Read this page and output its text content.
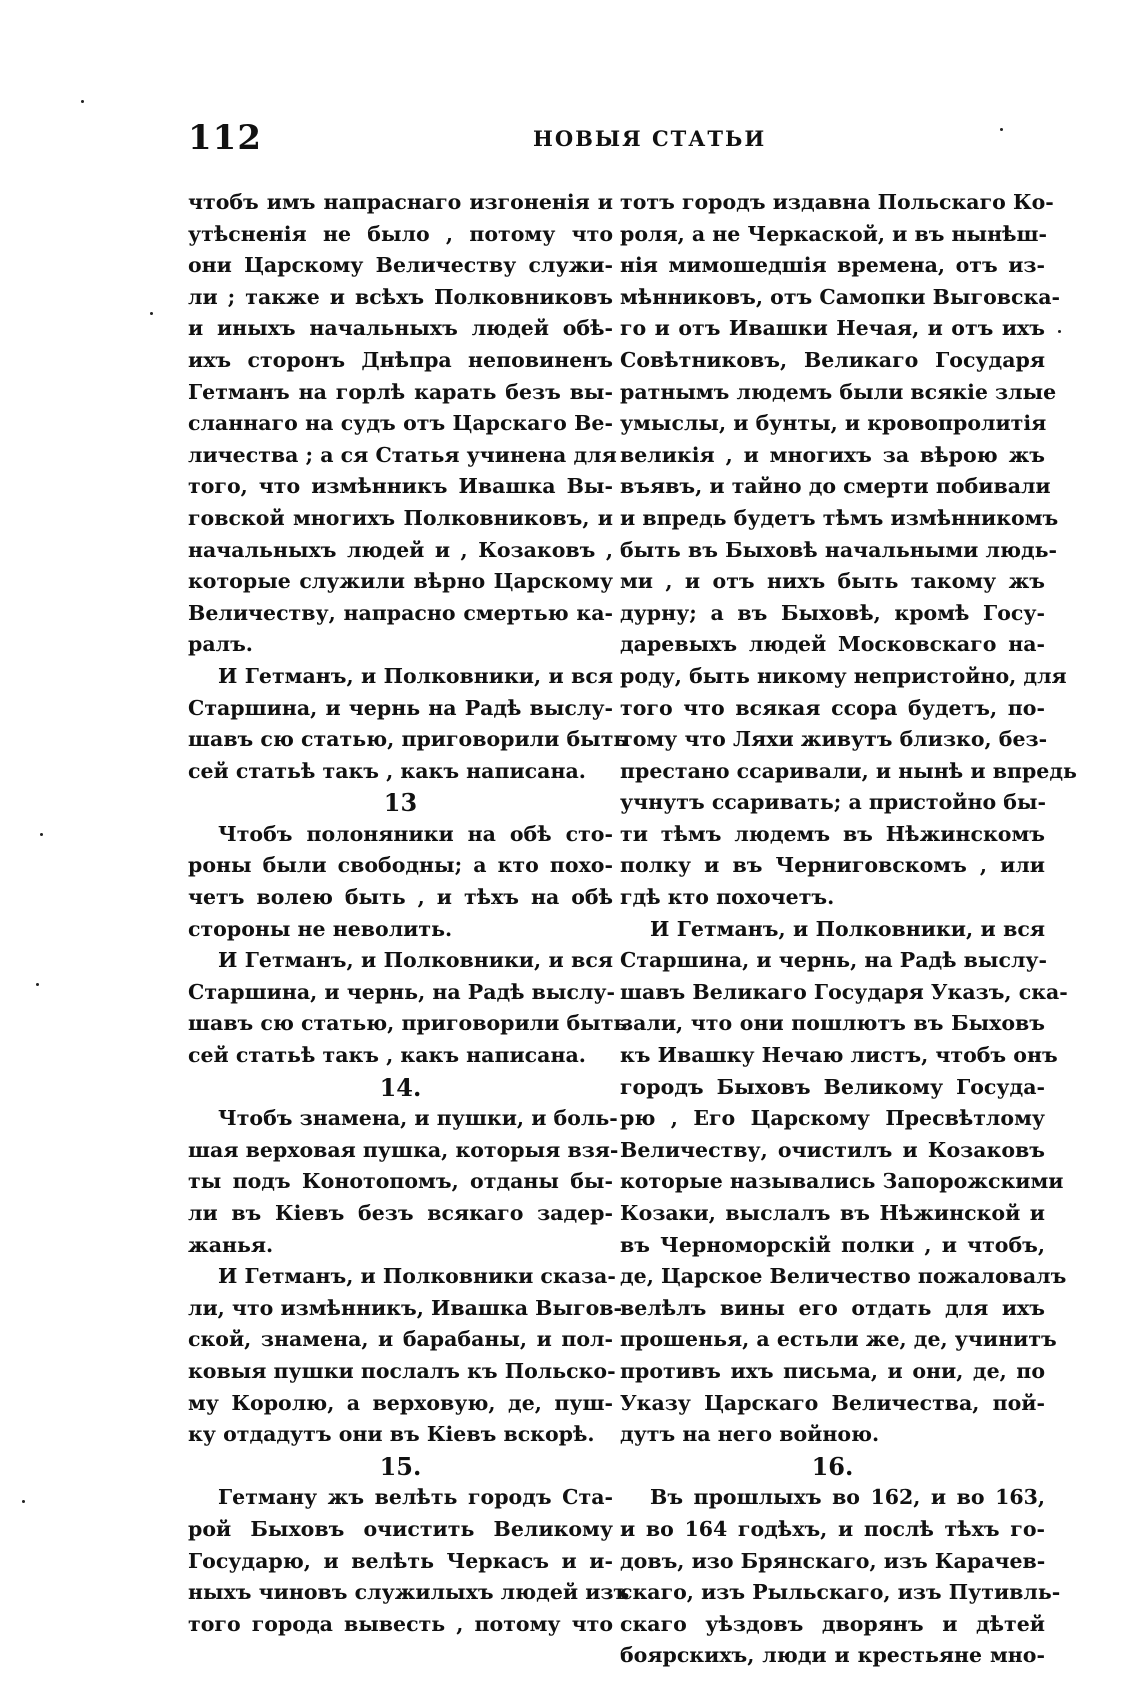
112	НОВЫЯ СТАТЬИ
чтобъ имъ напраснаго изгоненія и
утѣсненія не было , потому что
они Царскому Величеству служи-
ли ; также и всѣхъ Полковниковъ
и иныхъ начальныхъ людей обѣ-
ихъ сторонъ Днѣпра неповиненъ
Гетманъ на горлѣ карать безъ вы-
сланнаго на судъ отъ Царскаго Ве-
личества ; а ся Статья учинена для
того, что измѣнникъ Ивашка Вы-
говской многихъ Полковниковъ, и
начальныхъ людей и , Козаковъ ,
которые служили вѣрно Царскому
Величеству, напрасно смертью ка-
ралъ.
И Гетманъ, и Полковники, и вся
Старшина, и чернь на Радѣ выслу-
шавъ сю статью, приговорили быть
сей статьѣ такъ , какъ написана.
13
Чтобъ полоняники на обѣ сто-
роны были свободны; а кто похо-
четъ волею быть , и тѣхъ на обѣ
стороны не неволить.
И Гетманъ, и Полковники, и вся
Старшина, и чернь, на Радѣ выслу-
шавъ сю статью, приговорили быть
сей статьѣ такъ , какъ написана.
14.
Чтобъ знамена, и пушки, и боль-
шая верховая пушка, которыя взя-
ты подъ Конотопомъ, отданы бы-
ли въ Кіевъ безъ всякаго задер-
жанья.
И Гетманъ, и Полковники сказа-
ли, что измѣнникъ, Ивашка Выгов-
ской, знамена, и барабаны, и пол-
ковыя пушки послалъ къ Польско-
му Королю, а верховую, де, пуш-
ку отдадутъ они въ Кіевъ вскорѣ.
15.
Гетману жъ велѣть городъ Ста-
рой Быховъ очистить Великому
Государю, и велѣть Черкасъ и и-
ныхъ чиновъ служилыхъ людей изъ
того города вывесть , потому что
тотъ городъ издавна Польскаго Ко-
роля, а не Черкаской, и въ нынѣш-
нія мимошедшія времена, отъ из-
мѣнниковъ, отъ Самопки Выговска-
го и отъ Ивашки Нечая, и отъ ихъ
Совѣтниковъ, Великаго Государя
ратнымъ людемъ были всякіе злые
умыслы, и бунты, и кровопролитія
великія , и многихъ за вѣрою жъ
въявъ, и тайно до смерти побивали
и впредь будетъ тѣмъ измѣнникомъ
быть въ Быховѣ начальными людь-
ми , и отъ нихъ быть такому жъ
дурну; а въ Быховѣ, кромѣ Госу-
даревыхъ людей Московскаго на-
роду, быть никому непристойно, для
того что всякая ссора будетъ, по-
тому что Ляхи живутъ близко, без-
престано ссаривали, и нынѣ и впредь
учнутъ ссаривать; а пристойно бы-
ти тѣмъ людемъ въ Нѣжинскомъ
полку и въ Черниговскомъ , или
гдѣ кто похочетъ.
И Гетманъ, и Полковники, и вся
Старшина, и чернь, на Радѣ выслу-
шавъ Великаго Государя Указъ, ска-
зали, что они пошлютъ въ Быховъ
къ Ивашку Нечаю листъ, чтобъ онъ
городъ Быховъ Великому Госуда-
рю , Его Царскому Пресвѣтлому
Величеству, очистилъ и Козаковъ
которые назывались Запорожскими
Козаки, выслалъ въ Нѣжинской и
въ Черноморскій полки , и чтобъ,
де, Царское Величество пожаловалъ
велѣлъ вины его отдать для ихъ
прошенья, а естьли же, де, учинитъ
противъ ихъ письма, и они, де, по
Указу Царскаго Величества, пой-
дутъ на него войною.
16.
Въ прошлыхъ во 162, и во 163,
и во 164 годѣхъ, и послѣ тѣхъ го-
довъ, изо Брянскаго, изъ Карачев-
скаго, изъ Рыльскаго, изъ Путивль-
скаго уѣздовъ дворянъ и дѣтей
боярскихъ, люди и крестьяне мно-
